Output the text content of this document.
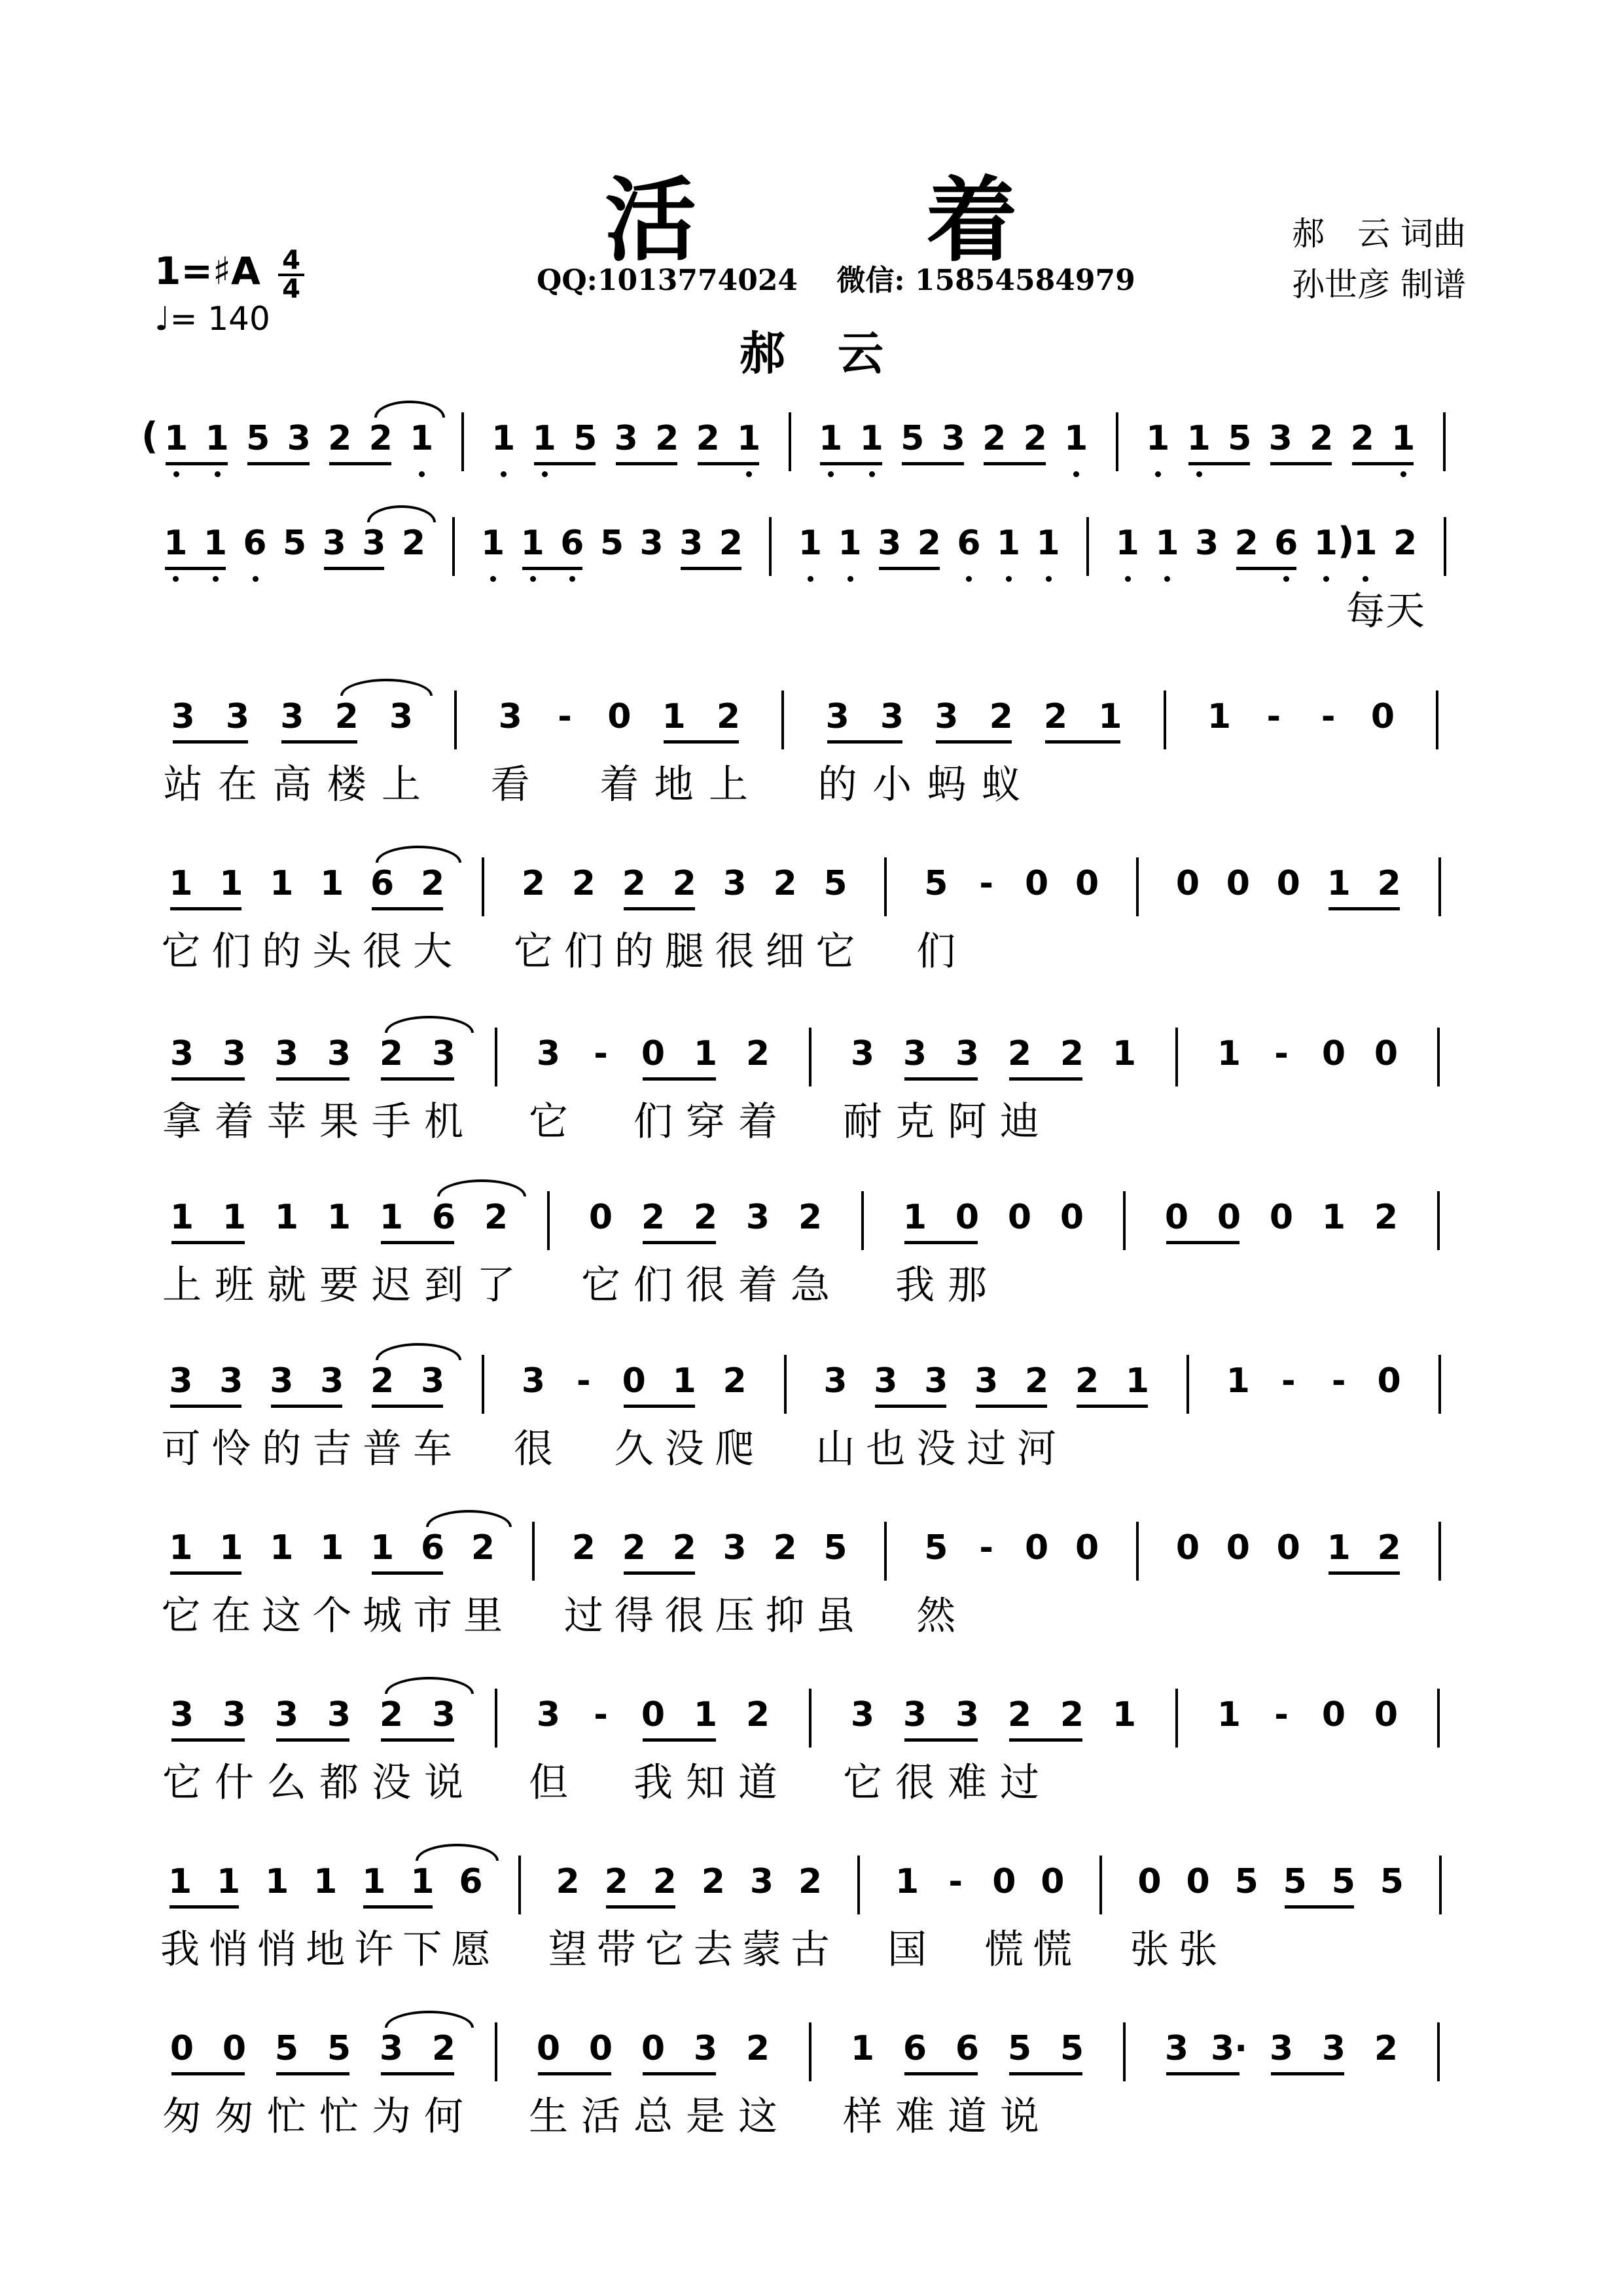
活 着	郝　云 词曲
孙世彦 制谱
1=♯A 4
4
♩= 140
QQ:1013774024　 微信: 15854584979
郝云
( 1 1 5 3 2 2 1 1 1 5 3 2 2 1 1 1 5 3 2 2 1 1 1 5 3 2 2 1
1 1 6 5 3 3 2 1 1 6 5 3 3 2 1 1 3 2 6 1 1 1 1 3 2 6 1 )
1 2
每 天
3 3 3 2 3	3 - 0 1 2	3 3 3 2 2 1	1 - - 0
站 在 高 楼 上 看 着 地 上 的 小 蚂 蚁
1 1 1 1 6 2 2 2 2 2 3 2 5 5 - 0 0 0 0 0 1 2
它 们 的 头 很 大 它 们 的 腿 很 细 它 们
3 3 3 3 2 3 3 - 0 1 2 3 3 3 2 2 1 1 - 0 0
拿 着 苹 果 手 机 它 们 穿 着 耐 克 阿 迪
1 1 1 1 1 6 2 0 2 2 3 2 1 0 0 0 0 0 0 1 2
上 班 就 要 迟 到 了 它 们 很 着 急 我 那
3 3 3 3 2 3 3 - 0 1 2 3 3 3 3 2 2 1 1 - - 0
可 怜 的 吉 普 车 很 久 没 爬 山 也 没 过 河
1 1 1 1 1 6 2 2 2 2 3 2 5 5 - 0 0 0 0 0 1 2
它 在 这 个 城 市 里 过 得 很 压 抑 虽 然
3 3 3 3 2 3 3 - 0 1 2 3 3 3 2 2 1 1 - 0 0
它 什 么 都 没 说 但 我 知 道 它 很 难 过
1 1 1 1 1 1 6 2 2 2 2 3 2 1 - 0 0 0 0 5 5 5 5
我 悄 悄 地 许 下 愿 望 带 它 去 蒙 古 国 慌 慌 张 张
0 0 5 5 3 2 0 0 0 3 2 1 6 6 5 5 3 3· 3 3 2
匆 匆 忙 忙 为 何 生 活 总 是 这 样 难 道 说
